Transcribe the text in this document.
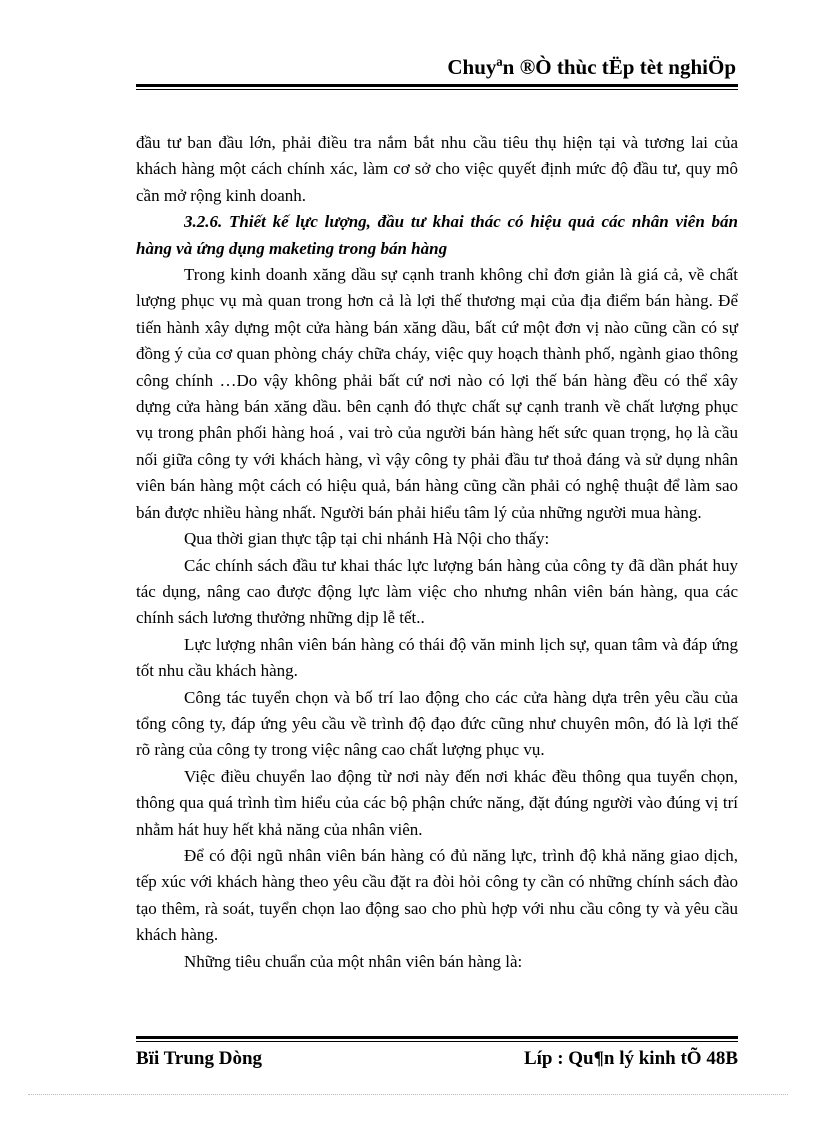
Chuyªn ®Ò thùc tËp tèt nghiÖp

đầu tư ban đầu lớn, phải điều tra nắm bắt nhu cầu tiêu thụ hiện tại và tương lai của khách hàng một cách chính xác, làm cơ sở cho việc quyết định mức độ đầu tư, quy mô cần mở rộng kinh doanh.

3.2.6. Thiết kế lực lượng, đầu tư khai thác có hiệu quả các nhân viên bán hàng và ứng dụng maketing trong bán hàng

Trong kinh doanh xăng dầu sự cạnh tranh không chỉ đơn giản là giá cả, về chất lượng phục vụ mà quan trong hơn cả là lợi thế thương mại của địa điểm bán hàng. Để tiến hành xây dựng một cửa hàng bán xăng dầu, bất cứ một đơn vị nào cũng cần có sự đồng ý của cơ quan phòng cháy chữa cháy, việc quy hoạch thành phố, ngành giao thông công chính …Do vậy không phải bất cứ nơi nào có lợi thế bán hàng đều có thể xây dựng cửa hàng bán xăng dầu. bên cạnh đó thực chất sự cạnh tranh về chất lượng phục vụ trong phân phối hàng hoá , vai trò của người bán hàng hết sức quan trọng, họ là cầu nối giữa công ty với khách hàng, vì vậy công ty phải đầu tư thoả đáng và sử dụng nhân viên bán hàng một cách có hiệu quả, bán hàng cũng cần phải có nghệ thuật để làm sao bán được nhiều hàng nhất. Người bán phải hiểu tâm lý của những người mua hàng.

Qua thời gian thực tập tại chi nhánh Hà Nội cho thấy:

Các chính sách đầu tư khai thác lực lượng bán hàng của công ty đã dần phát huy tác dụng, nâng cao được động lực làm việc cho nhưng nhân viên bán hàng, qua các chính sách lương thưởng những dịp lễ tết..

Lực lượng nhân viên bán hàng có thái độ văn minh lịch sự, quan tâm và đáp ứng tốt nhu cầu khách hàng.

Công tác tuyển chọn và bố trí lao động cho các cửa hàng dựa trên yêu cầu của tổng công ty, đáp ứng yêu cầu về trình độ đạo đức cũng như chuyên môn, đó là lợi thế rõ ràng của công ty trong việc nâng cao chất lượng phục vụ.

Việc điều chuyển lao động từ nơi này đến nơi khác đều thông qua tuyển chọn, thông qua quá trình tìm hiểu của các bộ phận chức năng, đặt đúng người vào đúng vị trí nhằm hát huy hết khả năng của nhân viên.

Để có đội ngũ nhân viên bán hàng có đủ năng lực, trình độ khả năng giao dịch, tếp xúc với khách hàng theo yêu cầu đặt ra đòi hỏi công ty cần có những chính sách đào tạo thêm, rà soát, tuyển chọn lao động sao cho phù hợp với nhu cầu công ty và yêu cầu khách hàng.

Những tiêu chuẩn của một nhân viên bán hàng là:

Bïi Trung Dòng	Líp : Qu¶n lý kinh tÕ 48B
